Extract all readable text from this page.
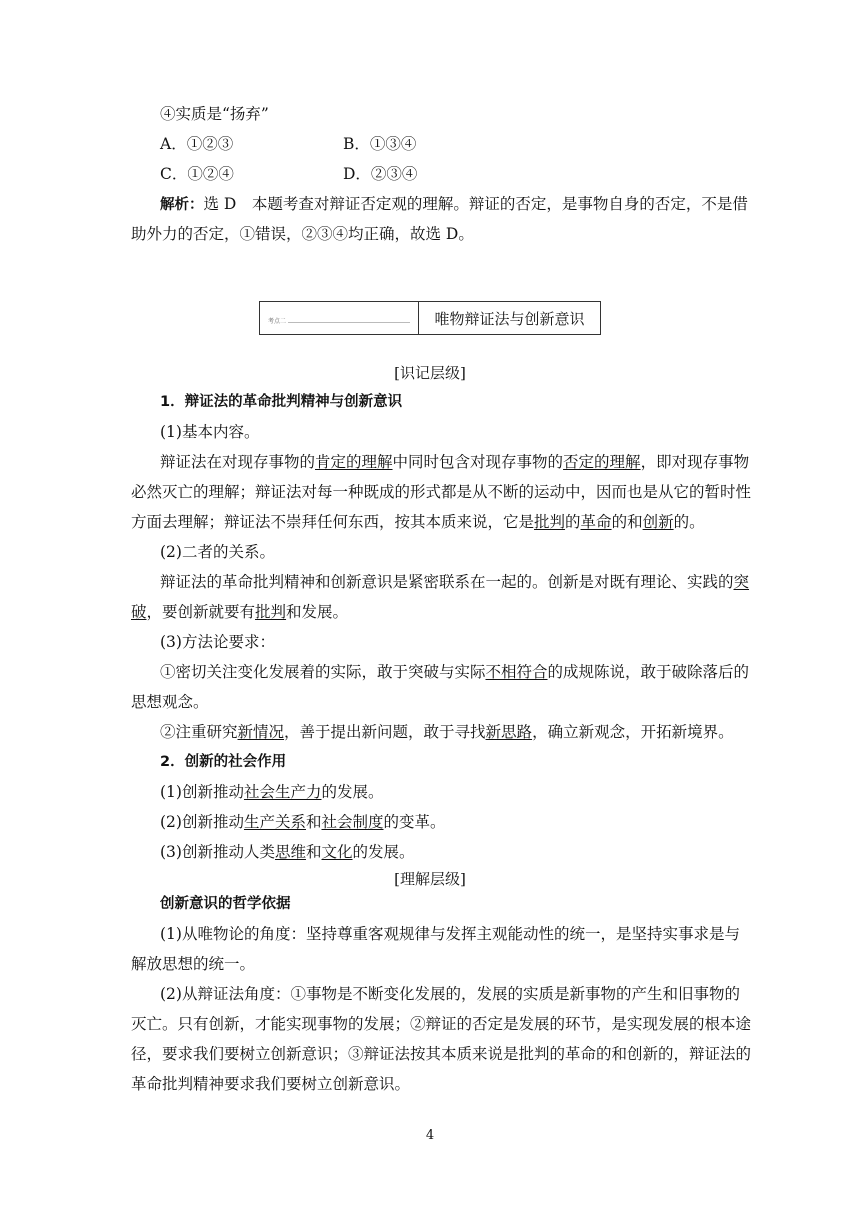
④实质是“扬弃”
A．①②③	B．①③④
C．①②④	D．②③④
解析：选 D　本题考查对辩证否定观的理解。辩证的否定，是事物自身的否定，不是借
助外力的否定，①错误，②③④均正确，故选 D。
考点二	唯物辩证法与创新意识
[识记层级]
1．辩证法的革命批判精神与创新意识
(1)基本内容。
辩证法在对现存事物的肯定的理解中同时包含对现存事物的否定的理解，即对现存事物
必然灭亡的理解；辩证法对每一种既成的形式都是从不断的运动中，因而也是从它的暂时性
方面去理解；辩证法不崇拜任何东西，按其本质来说，它是批判的革命的和创新的。
(2)二者的关系。
辩证法的革命批判精神和创新意识是紧密联系在一起的。创新是对既有理论、实践的突
破，要创新就要有批判和发展。
(3)方法论要求：
①密切关注变化发展着的实际，敢于突破与实际不相符合的成规陈说，敢于破除落后的
思想观念。
②注重研究新情况，善于提出新问题，敢于寻找新思路，确立新观念，开拓新境界。
2．创新的社会作用
(1)创新推动社会生产力的发展。
(2)创新推动生产关系和社会制度的变革。
(3)创新推动人类思维和文化的发展。
[理解层级]
创新意识的哲学依据
(1)从唯物论的角度：坚持尊重客观规律与发挥主观能动性的统一，是坚持实事求是与
解放思想的统一。
(2)从辩证法角度：①事物是不断变化发展的，发展的实质是新事物的产生和旧事物的
灭亡。只有创新，才能实现事物的发展；②辩证的否定是发展的环节，是实现发展的根本途
径，要求我们要树立创新意识；③辩证法按其本质来说是批判的革命的和创新的，辩证法的
革命批判精神要求我们要树立创新意识。
4
